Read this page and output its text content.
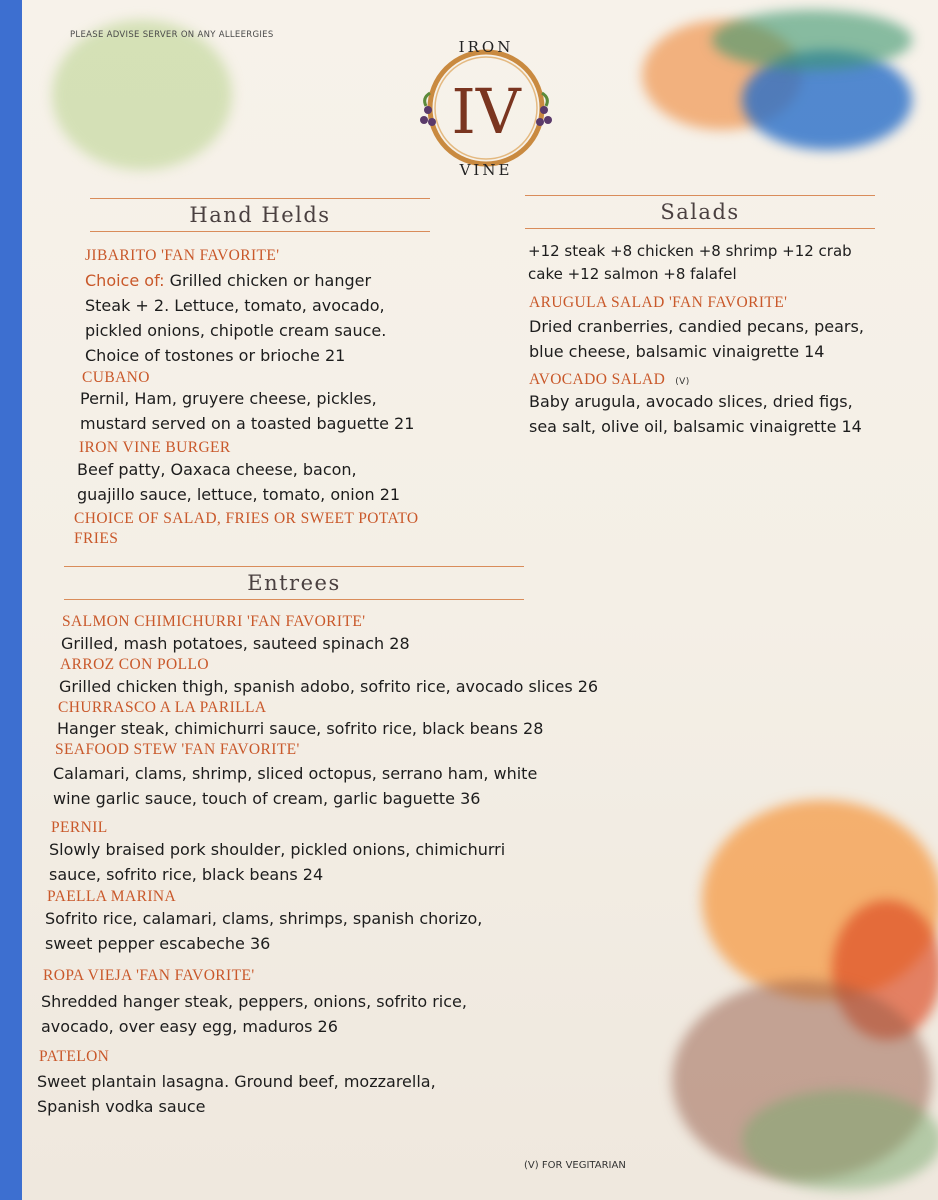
PLEASE ADVISE SERVER ON ANY ALLEERGIES
IV
IRON
VINE
Hand Helds
JIBARITO 'FAN FAVORITE'
Choice of: Grilled chicken or hanger
Steak + 2. Lettuce, tomato, avocado,
pickled onions, chipotle cream sauce.
Choice of tostones or brioche 21
CUBANO
Pernil, Ham, gruyere cheese, pickles,
mustard served on a toasted baguette 21
IRON VINE BURGER
Beef patty, Oaxaca cheese, bacon,
guajillo sauce, lettuce, tomato, onion 21
CHOICE OF SALAD, FRIES OR SWEET POTATO
FRIES
Salads
+12 steak +8 chicken +8 shrimp +12 crab
cake +12 salmon +8 falafel
ARUGULA SALAD 'FAN FAVORITE'
Dried cranberries, candied pecans, pears,
blue cheese, balsamic vinaigrette 14
AVOCADO SALAD (V)
Baby arugula, avocado slices, dried figs,
sea salt, olive oil, balsamic vinaigrette 14
Entrees
SALMON CHIMICHURRI 'FAN FAVORITE'
Grilled, mash potatoes, sauteed spinach 28
ARROZ CON POLLO
Grilled chicken thigh, spanish adobo, sofrito rice, avocado slices 26
CHURRASCO A LA PARILLA
Hanger steak, chimichurri sauce, sofrito rice, black beans 28
SEAFOOD STEW 'FAN FAVORITE'
Calamari, clams, shrimp, sliced octopus, serrano ham, white
wine garlic sauce, touch of cream, garlic baguette 36
PERNIL
Slowly braised pork shoulder, pickled onions, chimichurri
sauce, sofrito rice, black beans 24
PAELLA MARINA
Sofrito rice, calamari, clams, shrimps, spanish chorizo,
sweet pepper escabeche 36
ROPA VIEJA 'FAN FAVORITE'
Shredded hanger steak, peppers, onions, sofrito rice,
avocado, over easy egg, maduros 26
PATELON
Sweet plantain lasagna. Ground beef, mozzarella,
Spanish vodka sauce
(V) FOR VEGITARIAN
